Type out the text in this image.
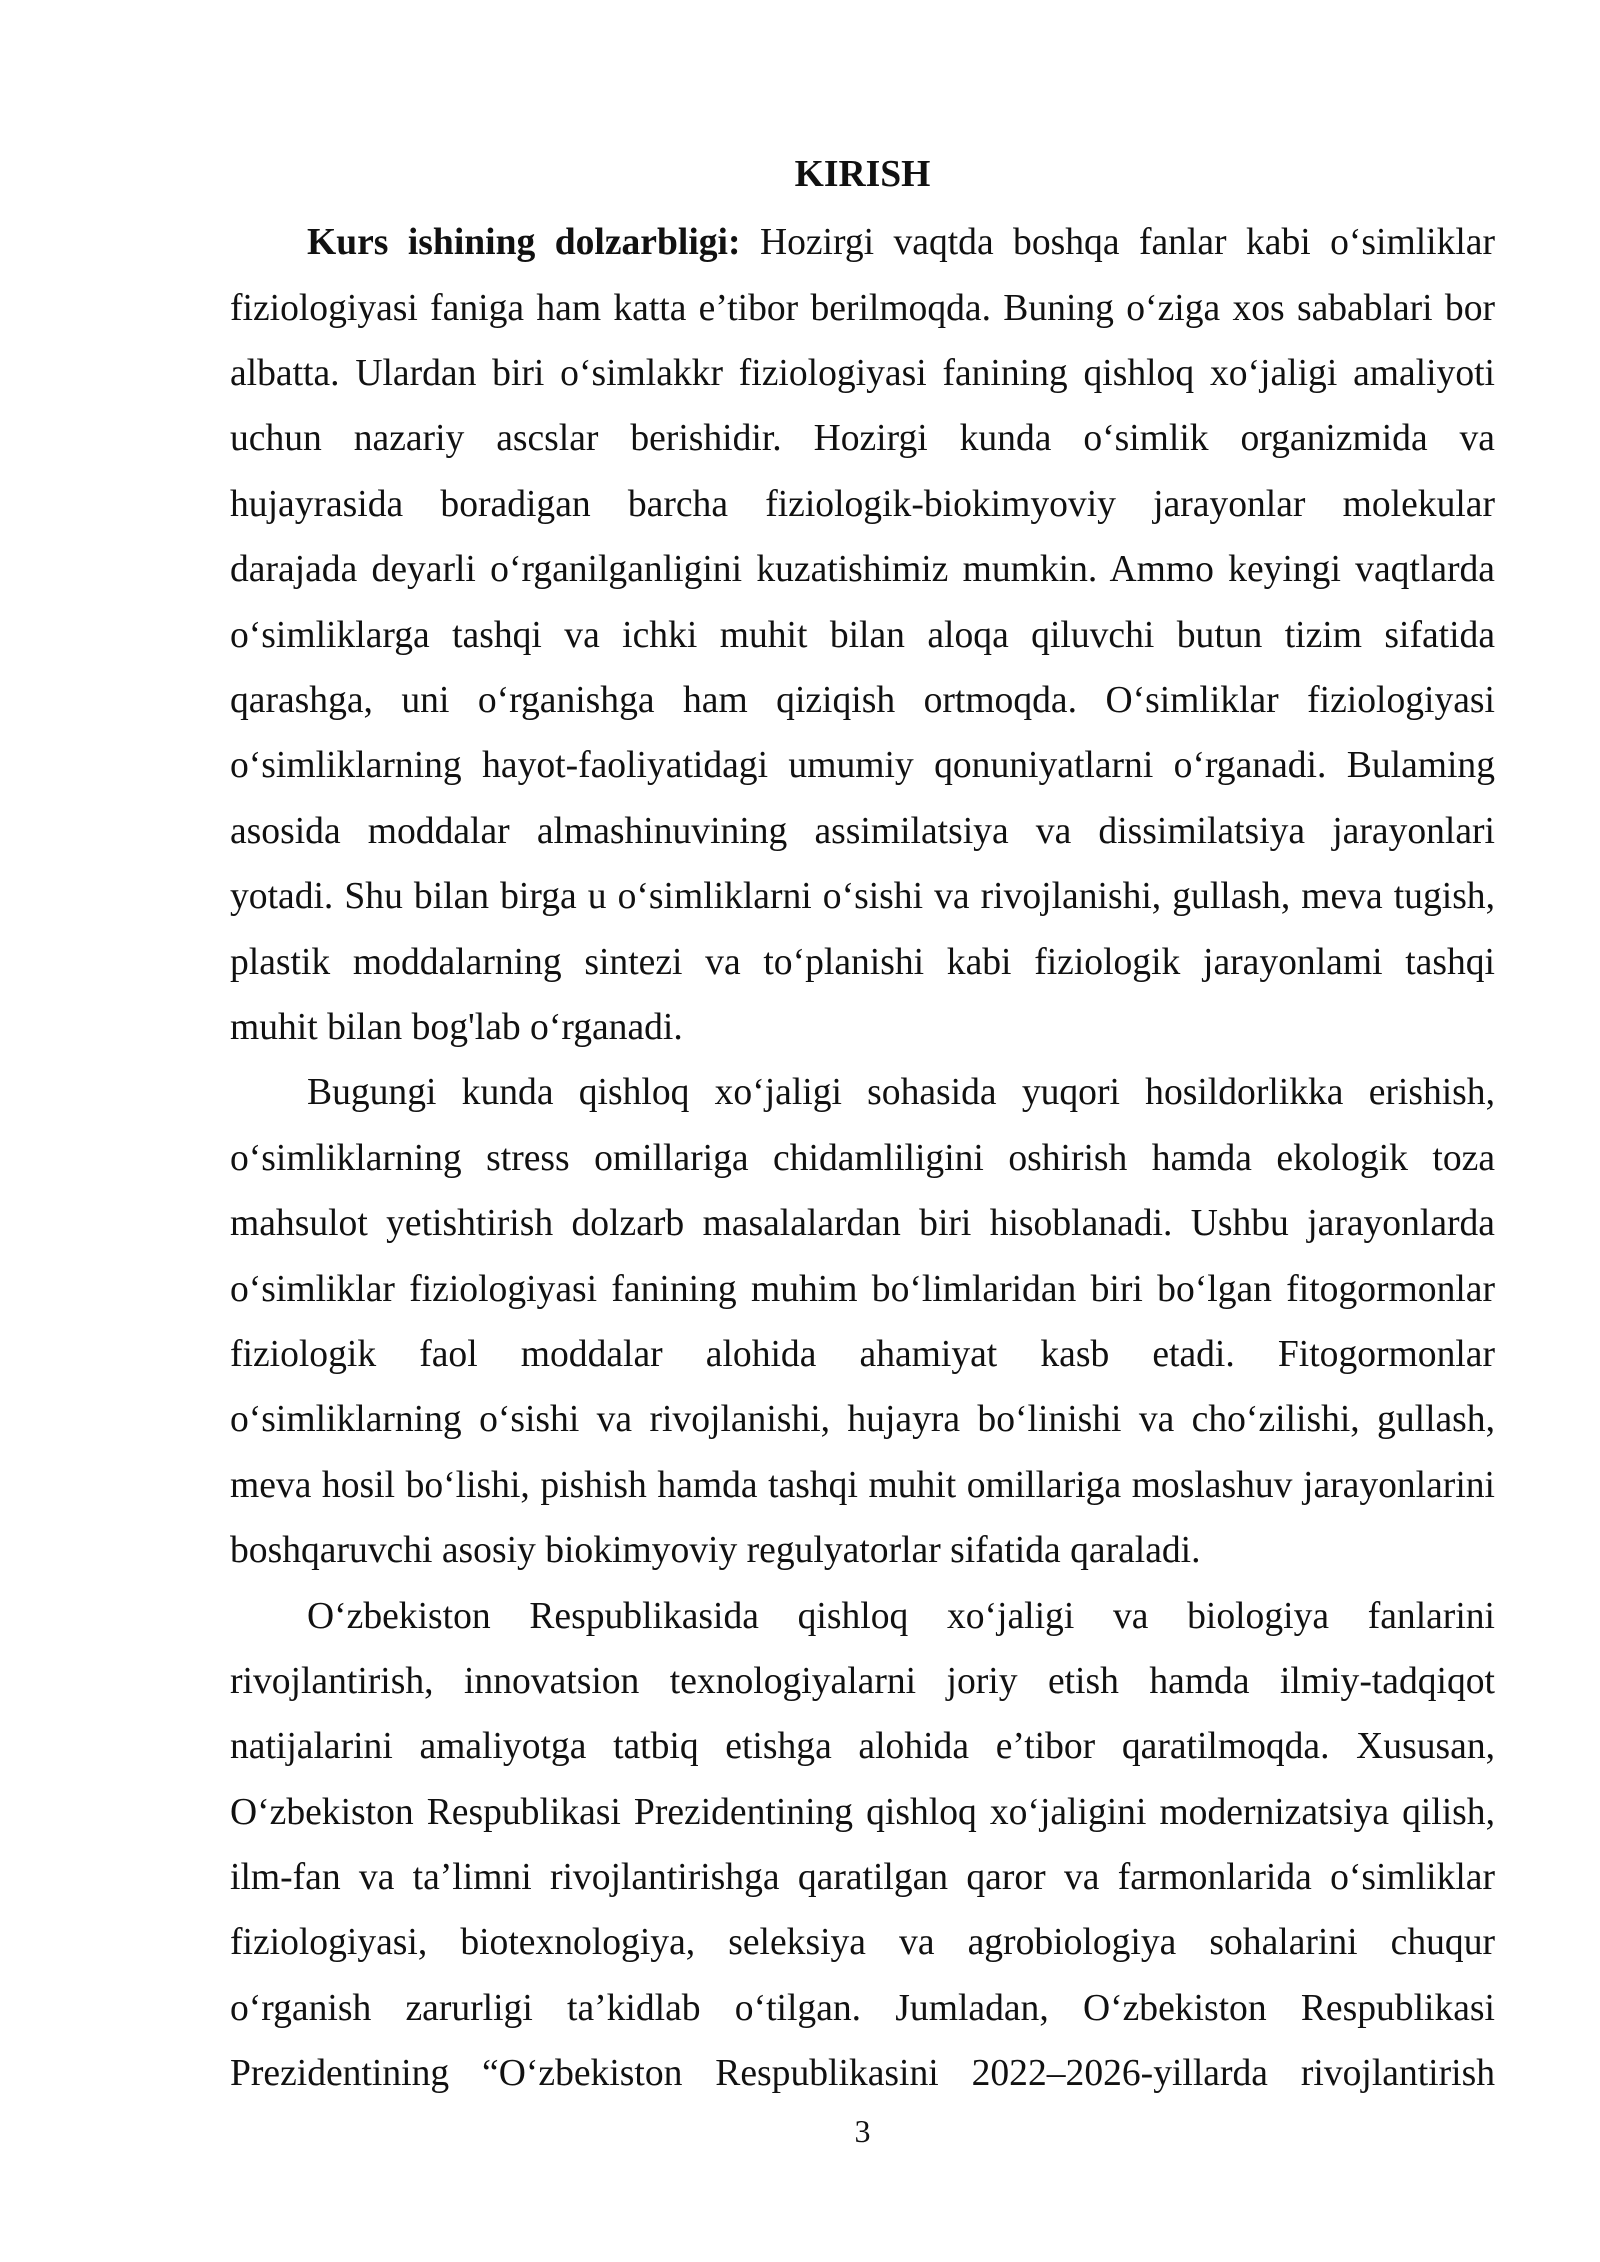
KIRISH
Kurs ishining dolzarbligi: Hozirgi vaqtda boshqa fanlar kabi o‘simliklar
fiziologiyasi faniga ham katta e’tibor berilmoqda. Buning o‘ziga xos sabablari bor
albatta. Ulardan biri o‘simlakkr fiziologiyasi fanining qishloq xo‘jaligi amaliyoti
uchun nazariy ascslar berishidir. Hozirgi kunda o‘simlik organizmida va
hujayrasida boradigan barcha fiziologik-biokimyoviy jarayonlar molekular
darajada deyarli o‘rganilganligini kuzatishimiz mumkin. Ammo keyingi vaqtlarda
o‘simliklarga tashqi va ichki muhit bilan aloqa qiluvchi butun tizim sifatida
qarashga, uni o‘rganishga ham qiziqish ortmoqda. O‘simliklar fiziologiyasi
o‘simliklarning hayot-faoliyatidagi umumiy qonuniyatlarni o‘rganadi. Bulaming
asosida moddalar almashinuvining assimilatsiya va dissimilatsiya jarayonlari
yotadi. Shu bilan birga u o‘simliklarni o‘sishi va rivojlanishi, gullash, meva tugish,
plastik moddalarning sintezi va to‘planishi kabi fiziologik jarayonlami tashqi
muhit bilan bog'lab o‘rganadi.
Bugungi kunda qishloq xo‘jaligi sohasida yuqori hosildorlikka erishish,
o‘simliklarning stress omillariga chidamliligini oshirish hamda ekologik toza
mahsulot yetishtirish dolzarb masalalardan biri hisoblanadi. Ushbu jarayonlarda
o‘simliklar fiziologiyasi fanining muhim bo‘limlaridan biri bo‘lgan fitogormonlar
fiziologik faol moddalar alohida ahamiyat kasb etadi. Fitogormonlar
o‘simliklarning o‘sishi va rivojlanishi, hujayra bo‘linishi va cho‘zilishi, gullash,
meva hosil bo‘lishi, pishish hamda tashqi muhit omillariga moslashuv jarayonlarini
boshqaruvchi asosiy biokimyoviy regulyatorlar sifatida qaraladi.
O‘zbekiston Respublikasida qishloq xo‘jaligi va biologiya fanlarini
rivojlantirish, innovatsion texnologiyalarni joriy etish hamda ilmiy-tadqiqot
natijalarini amaliyotga tatbiq etishga alohida e’tibor qaratilmoqda. Xususan,
O‘zbekiston Respublikasi Prezidentining qishloq xo‘jaligini modernizatsiya qilish,
ilm-fan va ta’limni rivojlantirishga qaratilgan qaror va farmonlarida o‘simliklar
fiziologiyasi, biotexnologiya, seleksiya va agrobiologiya sohalarini chuqur
o‘rganish zarurligi ta’kidlab o‘tilgan. Jumladan, O‘zbekiston Respublikasi
Prezidentining “O‘zbekiston Respublikasini 2022–2026-yillarda rivojlantirish
3
